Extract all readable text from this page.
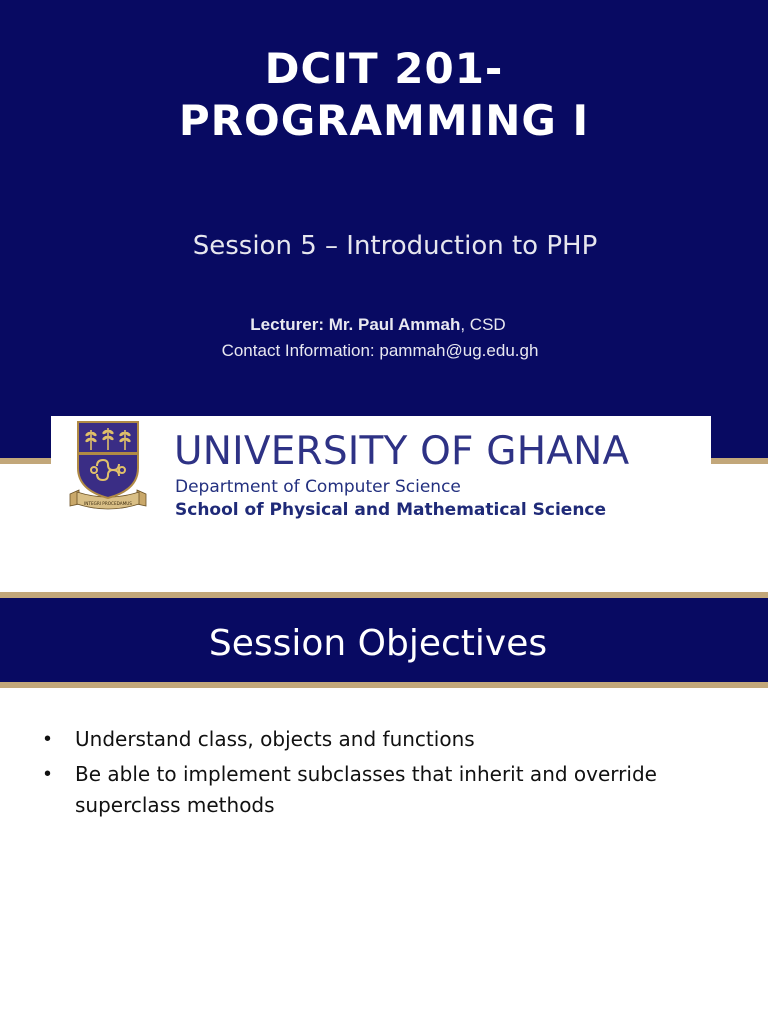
DCIT 201-
PROGRAMMING I
Session 5 – Introduction to PHP
Lecturer: Mr. Paul Ammah, CSD
Contact Information: pammah@ug.edu.gh
INTEGRI PROCEDAMUS
UNIVERSITY OF GHANA
Department of Computer Science
School of Physical and Mathematical Science
Session Objectives
• Understand class, objects and functions
• Be able to implement subclasses that inherit and override superclass methods
